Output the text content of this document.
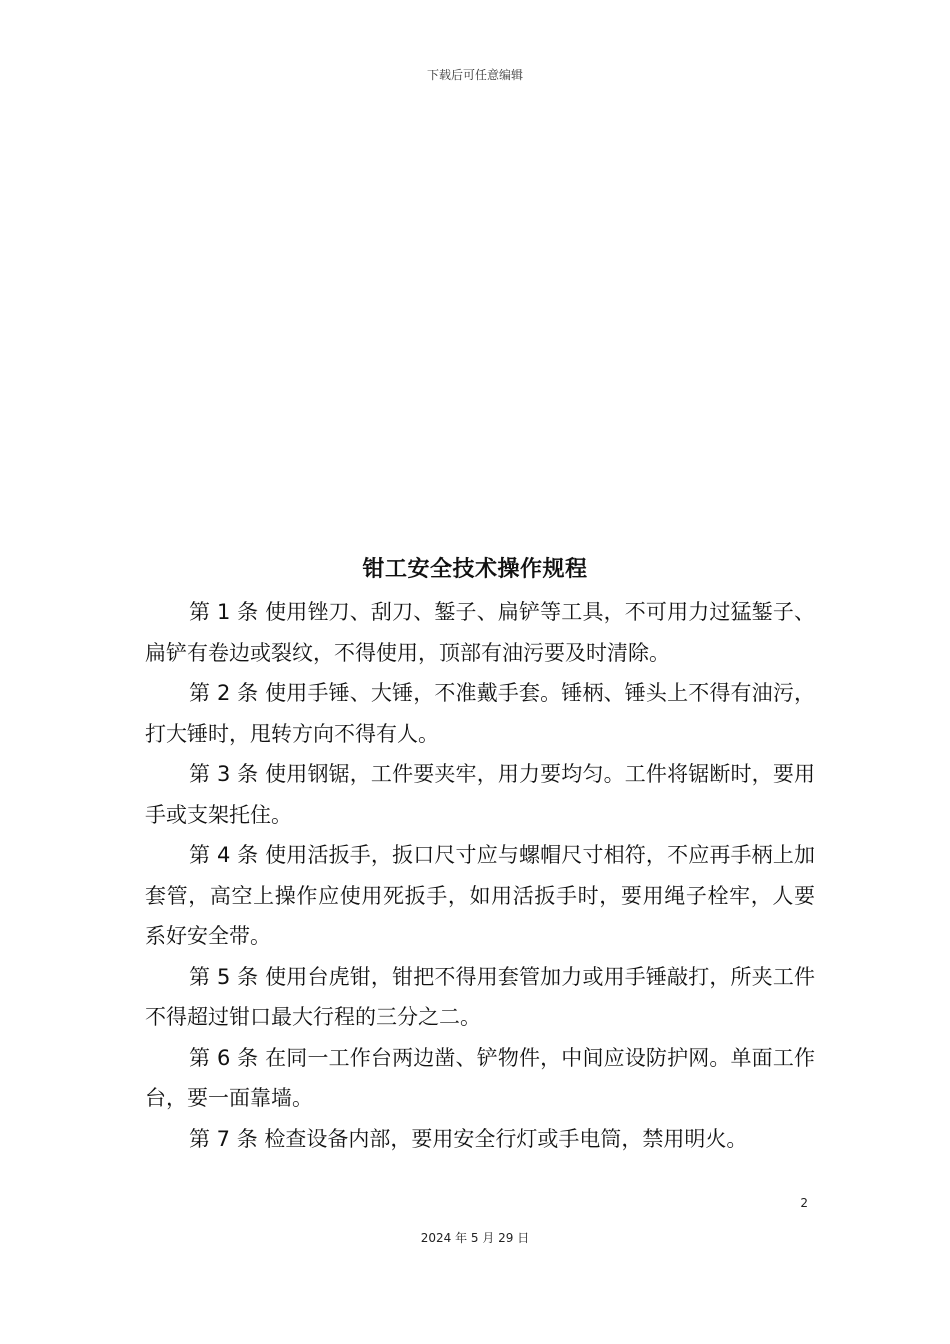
下载后可任意编辑
钳工安全技术操作规程

第 1 条 使用锉刀、刮刀、錾子、扁铲等工具，不可用力过猛錾子、扁铲有卷边或裂纹，不得使用，顶部有油污要及时清除。

第 2 条 使用手锤、大锤，不准戴手套。锤柄、锤头上不得有油污，打大锤时，甩转方向不得有人。

第 3 条 使用钢锯，工件要夹牢，用力要均匀。工件将锯断时，要用手或支架托住。

第 4 条 使用活扳手，扳口尺寸应与螺帽尺寸相符，不应再手柄上加套管，高空上操作应使用死扳手，如用活扳手时，要用绳子栓牢，人要系好安全带。

第 5 条 使用台虎钳，钳把不得用套管加力或用手锤敲打，所夹工件不得超过钳口最大行程的三分之二。

第 6 条 在同一工作台两边凿、铲物件，中间应设防护网。单面工作台，要一面靠墙。

第 7 条 检查设备内部，要用安全行灯或手电筒，禁用明火。

2
2024 年 5 月 29 日
